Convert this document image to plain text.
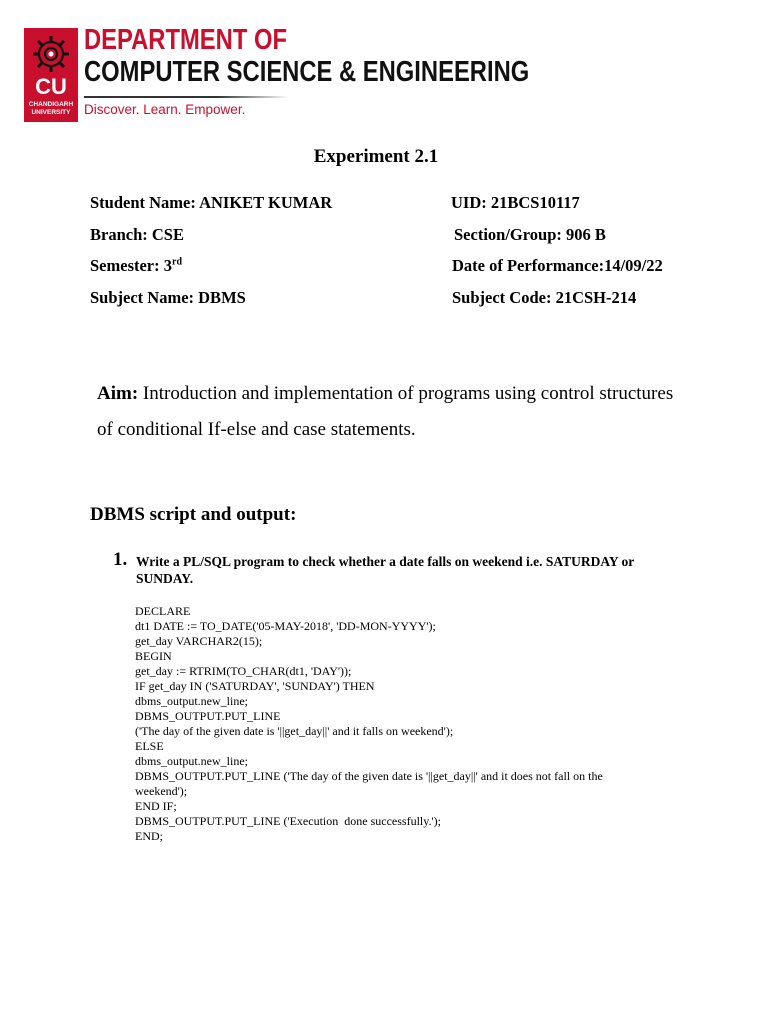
CU
CHANDIGARH UNIVERSITY
DEPARTMENT OF
COMPUTER SCIENCE & ENGINEERING
Discover. Learn. Empower.
Experiment 2.1
Student Name: ANIKET KUMAR	UID: 21BCS10117
Branch: CSE	Section/Group: 906 B
Semester: 3rd	Date of Performance:14/09/22
Subject Name: DBMS	Subject Code: 21CSH-214
Aim: Introduction and implementation of programs using control structures of conditional If-else and case statements.
DBMS script and output:
1. Write a PL/SQL program to check whether a date falls on weekend i.e. SATURDAY or SUNDAY.
DECLARE
dt1 DATE := TO_DATE('05-MAY-2018', 'DD-MON-YYYY');
get_day VARCHAR2(15);
BEGIN
get_day := RTRIM(TO_CHAR(dt1, 'DAY'));
IF get_day IN ('SATURDAY', 'SUNDAY') THEN
dbms_output.new_line;
DBMS_OUTPUT.PUT_LINE
('The day of the given date is '||get_day||' and it falls on weekend');
ELSE
dbms_output.new_line;
DBMS_OUTPUT.PUT_LINE ('The day of the given date is '||get_day||' and it does not fall on the weekend');
END IF;
DBMS_OUTPUT.PUT_LINE ('Execution  done successfully.');
END;
